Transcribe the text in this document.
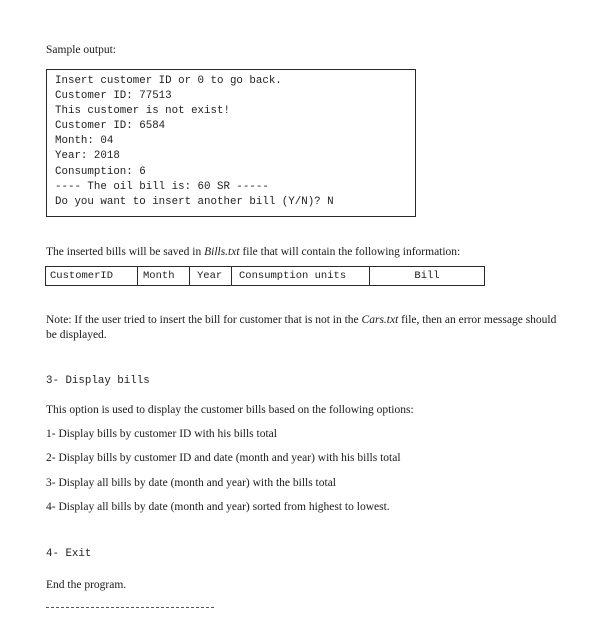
Sample output:
Insert customer ID or 0 to go back.
Customer ID: 77513
This customer is not exist!
Customer ID: 6584
Month: 04
Year: 2018
Consumption: 6
---- The oil bill is: 60 SR -----
Do you want to insert another bill (Y/N)? N
The inserted bills will be saved in Bills.txt file that will contain the following information:
CustomerID	Month	Year	Consumption units	Bill
Note: If the user tried to insert the bill for customer that is not in the Cars.txt file, then an error message should be displayed.
3- Display bills
This option is used to display the customer bills based on the following options:
1- Display bills by customer ID with his bills total
2- Display bills by customer ID and date (month and year) with his bills total
3- Display all bills by date (month and year) with the bills total
4- Display all bills by date (month and year) sorted from highest to lowest.
4- Exit
End the program.
